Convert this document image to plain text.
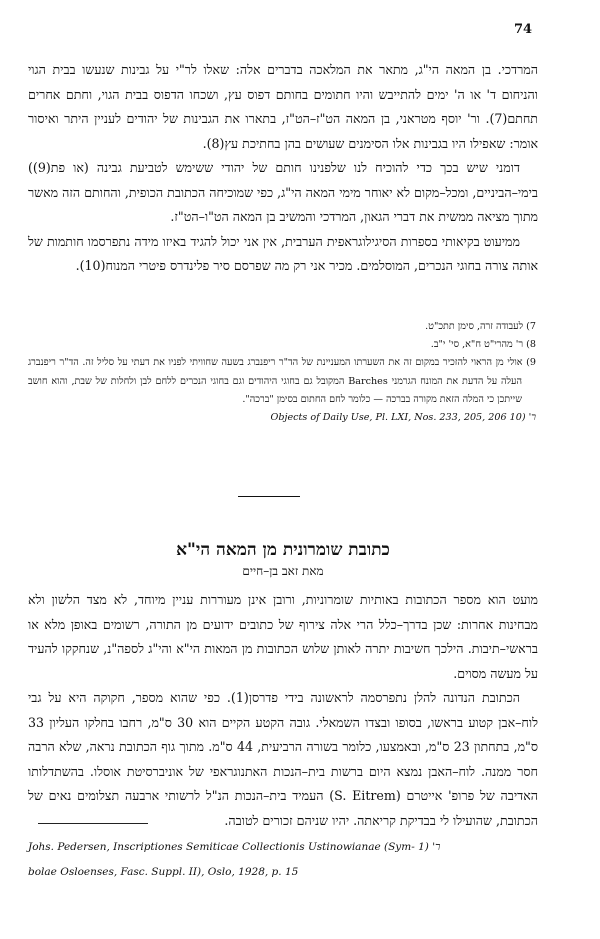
74

המרדכי. בן המאה הי"ג, מתאר את המלאכה בדברים אלה: שאלו לר"י על גבינות שנעשו בבית הגוי והניחום ד' או ה' ימים להתייבש והיו חתומים בחותם דפוס עץ, ושכחו הדפוס בבית הגוי, וחתם אחרים תחתם(7). ור' יוסף מטראני, בן המאה הט"ז–הט"ז, בתארו את הגבינות של יהודים לעניין היתר ואיסור אומר: שאפילו היו בגבינות אלו הסימנים שעושים בהן בחתיכת עץ(8).

דומני שיש בכך כדי להוכיח לנו שלפנינו חותם של יהודי ששימש לטביעת גבינה (או פת(9)) בימי–הביניים, ומכל–מקום לא יאוחר מימי המאה הי"ג, כפי שמוכיחה הכתובת הכופית, והחותם הזה מאשר מתוך מציאה ממשית את דברי הגאון, המרדכי והמשיב בן המאה הט"ו–הט"ז.

ממיעוט בקיאותי בספרות הסיגילוגראפית הערבית, אין אני יכול להגיד באיזו מידה נתפרסמו חותמות של אותה צורה בחוגי הנכרים, המוסלמים. מכיר אני רק מה שפרסם סיר פלינדרס פיטרי המנוח(10).

7) לעבודה זרה, סימן תתכ"ט.

8) ר' מהרי"ט ח"א, סי' י"ב.

9) אולי מן הראוי להזכיר במקום זה את השערתו המעניינת של הד"ר ריפנברג בשעה שחוויתי לפניו את דעתי על סליל זה. הד"ר ריפנברג העלה על הדעת את המונח הגרמני Barches המקובל גם בחוגי היהודים וגם בחוגי הנכרים ללחם לבן ולחלות של שבת, והוא חושב שייתכן כי המלה הזאת מקורה בברכה — כלומר לחם החתום בסימן "ברכה".

Objects of Daily Use, Pl. LXI, Nos. 233, 205, 206 ר' (10

כתובת שומרונית מן המאה הי"א
מאת זאב בן–חיים

מועט הוא מספר הכתובות באותיות שומרוניות, ורובן אינן מעוררות עניין מיוחד, לא מצד הלשון ולא מבחינות אחרות: שכן בדרך–כלל הרי אלה צירוף של כתובים ידועים מן התורה, רשומים באופן מלא או בראשי–תיבות. הילכך חשיבות יתרה לאותן שלוש הכתובות מן המאות הי"א והי"ג לספה"נ, שנחקקו להעיד על מעשה מסוים.

הכתובת הנדונה להלן נתפרסמה לראשונה בידי פדרסן(1). כפי שהוא מספר, חקוקה היא על גבי לוח–אבן קטוע בראשו, בסופו ובצדו השמאלי. גובה הקטע הקיים הוא 30 ס"מ, רחבו בחלקו העליון 33 ס"מ, בתחתון 23 ס"מ, ובאמצעו, כלומר בשורה הרביעית, 44 ס"מ. מתוך גוף הכתובת נראה, שלא הרבה חסר ממנה. לוח–האבן נמצא היום ברשות בית–הנכות האתנוגראפי של אוניברסיטת אוסלו. בהשתדלותו האדיבה של פרופ' אייטרם (S. Eitrem) העמיד בית–הנכות הנ"ל לרשותי ארבעה תצלומים נאים של הכתובת, שהועילו לי בבדיקת קריאתה. יהיו שניהם זכורים לטובה.

Johs. Pedersen, Inscriptiones Semiticae Collectionis Ustinowianae (Sym- ר' (1

bolae Osloenses, Fasc. Suppl. II), Oslo, 1928, p. 15
